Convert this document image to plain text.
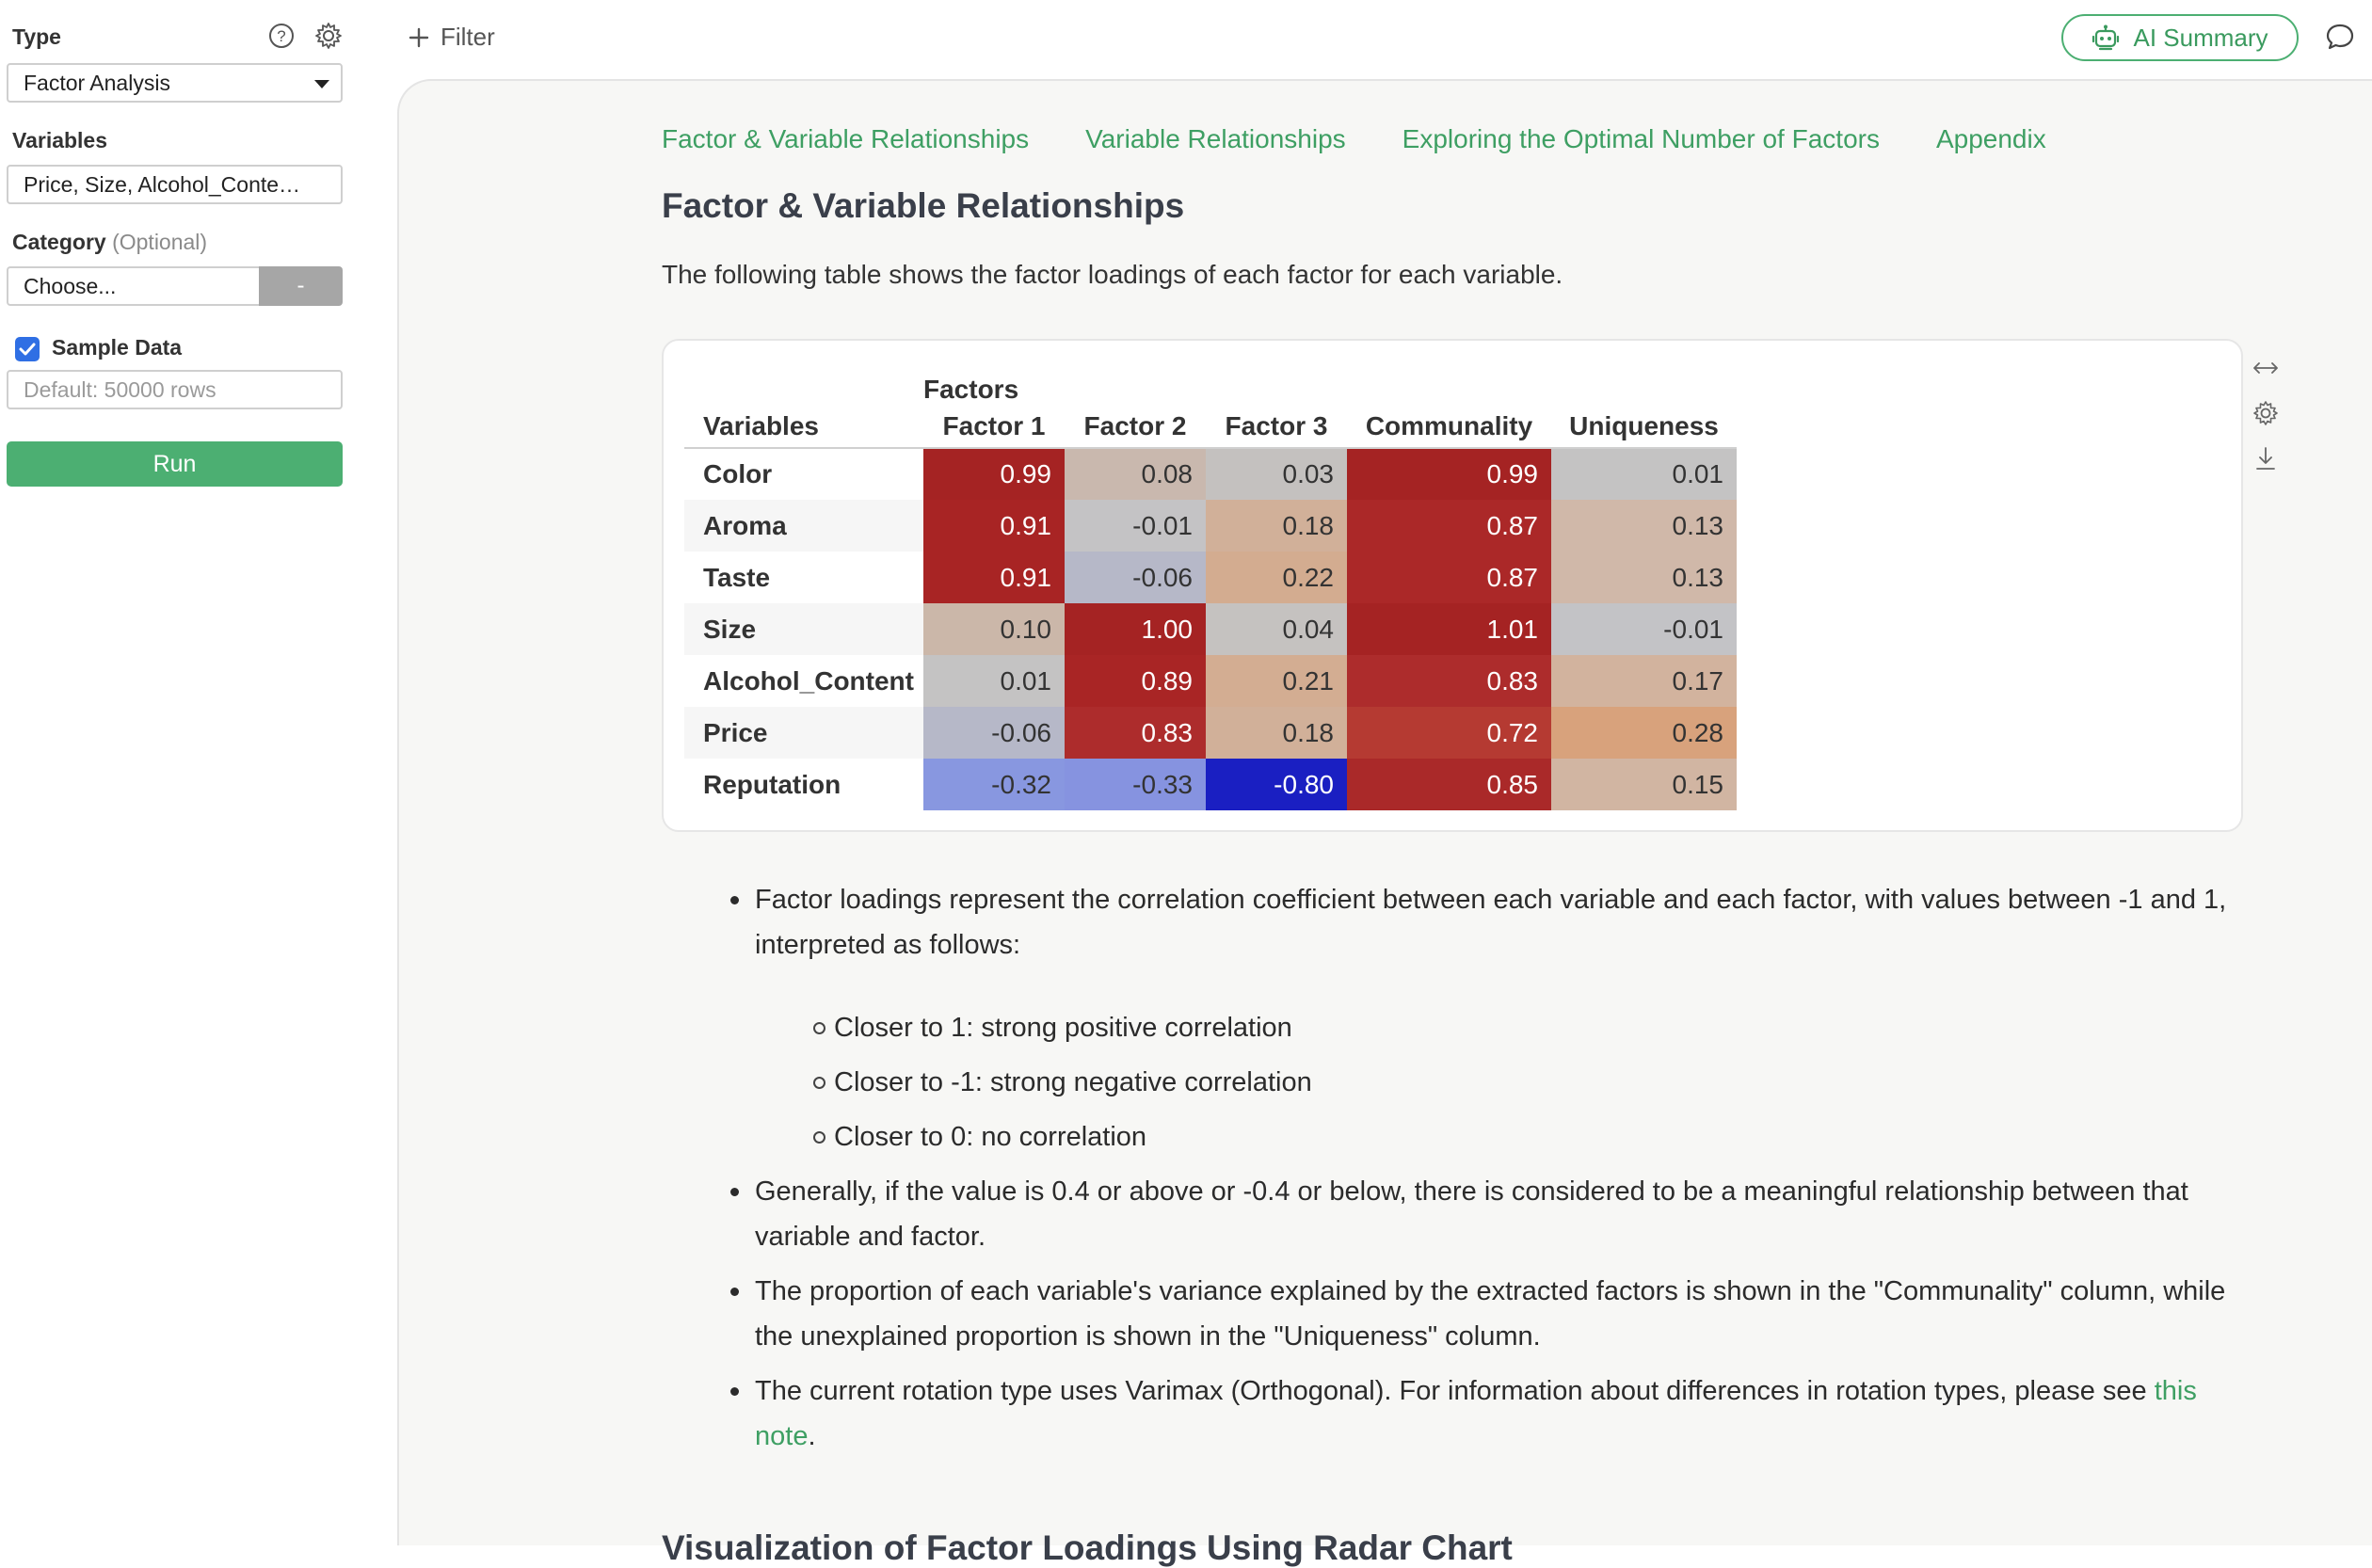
Type	?
Factor Analysis
Variables
Price, Size, Alcohol_Conte…
Category (Optional)
Choose...	-
Sample Data
Default: 50000 rows
Run
Filter	AI Summary
Factor & Variable Relationships Variable Relationships Exploring the Optimal Number of Factors Appendix
Factor & Variable Relationships
The following table shows the factor loadings of each factor for each variable.
	Factors				
Variables	Factor 1	Factor 2	Factor 3	Communality	Uniqueness
Color	0.99	0.08	0.03	0.99	0.01
Aroma	0.91	-0.01	0.18	0.87	0.13
Taste	0.91	-0.06	0.22	0.87	0.13
Size	0.10	1.00	0.04	1.01	-0.01
Alcohol_Content	0.01	0.89	0.21	0.83	0.17
Price	-0.06	0.83	0.18	0.72	0.28
Reputation	-0.32	-0.33	-0.80	0.85	0.15
Factor loadings represent the correlation coefficient between each variable and each factor, with values between -1 and 1, interpreted as follows:
Closer to 1: strong positive correlation
Closer to -1: strong negative correlation
Closer to 0: no correlation
Generally, if the value is 0.4 or above or -0.4 or below, there is considered to be a meaningful relationship between that variable and factor.
The proportion of each variable's variance explained by the extracted factors is shown in the "Communality" column, while the unexplained proportion is shown in the "Uniqueness" column.
The current rotation type uses Varimax (Orthogonal). For information about differences in rotation types, please see this note.
Visualization of Factor Loadings Using Radar Chart
